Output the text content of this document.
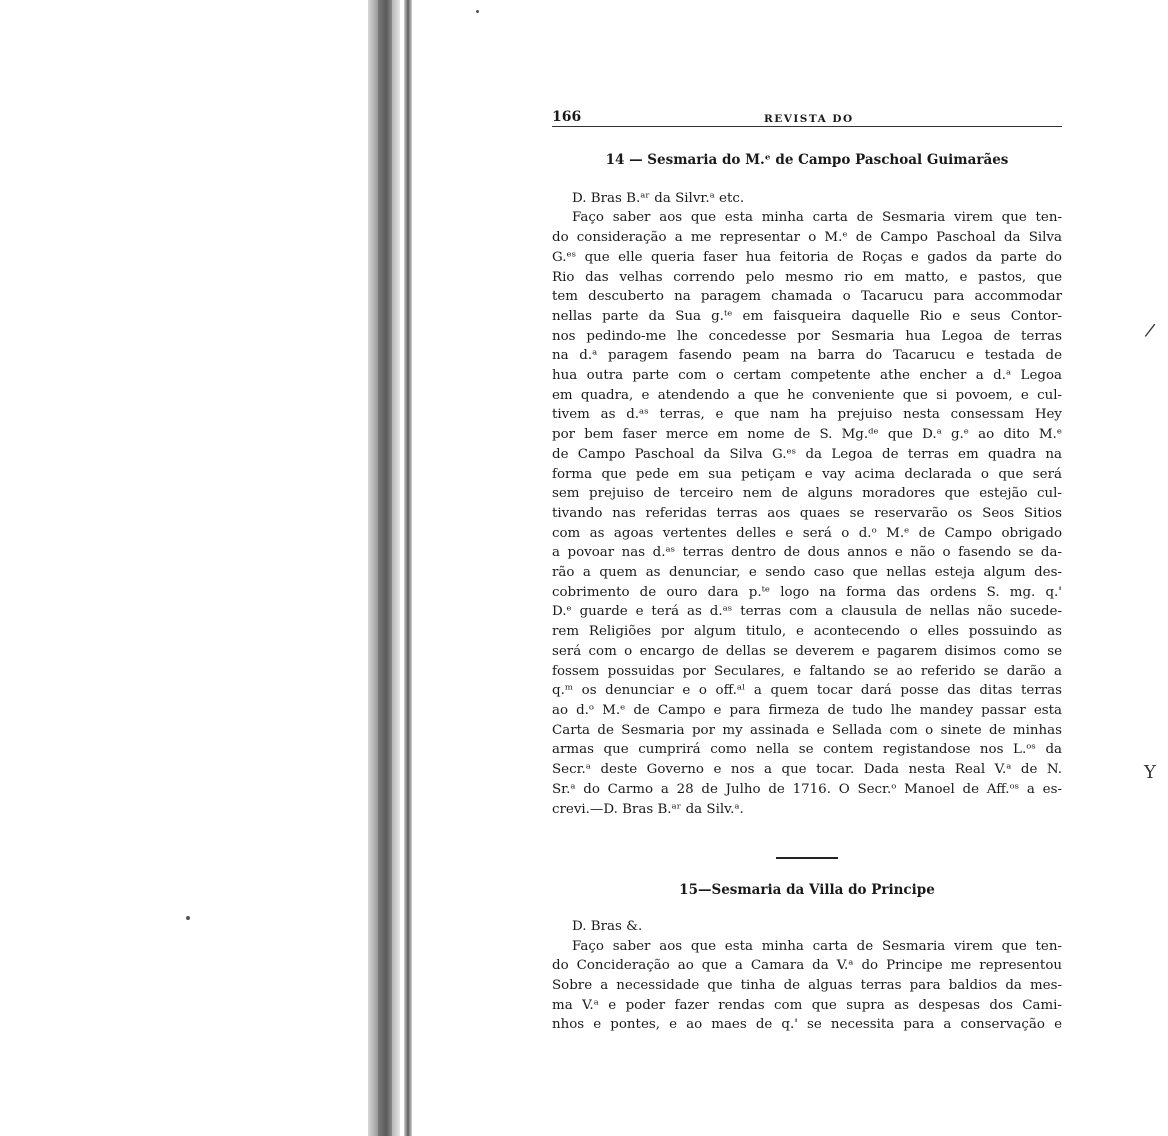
/
Y
166	REVISTA DO
14 — Sesmaria do M.ᵉ de Campo Paschoal Guimarães

D. Bras B.ᵃʳ da Silvr.ᵃ etc.

Faço saber aos que esta minha carta de Sesmaria virem que ten-

do consideração a me representar o M.ᵉ de Campo Paschoal da Silva

G.ᵉˢ que elle queria faser hua feitoria de Roças e gados da parte do

Rio das velhas correndo pelo mesmo rio em matto, e pastos, que

tem descuberto na paragem chamada o Tacarucu para accommodar

nellas parte da Sua g.ᵗᵉ em faisqueira daquelle Rio e seus Contor-

nos pedindo-me lhe concedesse por Sesmaria hua Legoa de terras

na d.ᵃ paragem fasendo peam na barra do Tacarucu e testada de

hua outra parte com o certam competente athe encher a d.ᵃ Legoa

em quadra, e atendendo a que he conveniente que si povoem, e cul-

tivem as d.ᵃˢ terras, e que nam ha prejuiso nesta consessam Hey

por bem faser merce em nome de S. Mg.ᵈᵉ que D.ᵃ g.ᵉ ao dito M.ᵉ

de Campo Paschoal da Silva G.ᵉˢ da Legoa de terras em quadra na

forma que pede em sua petiçam e vay acima declarada o que será

sem prejuiso de terceiro nem de alguns moradores que estejão cul-

tivando nas referidas terras aos quaes se reservarão os Seos Sitios

com as agoas vertentes delles e será o d.ᵒ M.ᵉ de Campo obrigado

a povoar nas d.ᵃˢ terras dentro de dous annos e não o fasendo se da-

rão a quem as denunciar, e sendo caso que nellas esteja algum des-

cobrimento de ouro dara p.ᵗᵉ logo na forma das ordens S. mg. q.'

D.ᵉ guarde e terá as d.ᵃˢ terras com a clausula de nellas não sucede-

rem Religiões por algum titulo, e acontecendo o elles possuindo as

será com o encargo de dellas se deverem e pagarem disimos como se

fossem possuidas por Seculares, e faltando se ao referido se darão a

q.ᵐ os denunciar e o off.ᵃˡ a quem tocar dará posse das ditas terras

ao d.ᵒ M.ᵉ de Campo e para firmeza de tudo lhe mandey passar esta

Carta de Sesmaria por my assinada e Sellada com o sinete de minhas

armas que cumprirá como nella se contem registandose nos L.ᵒˢ da

Secr.ᵃ deste Governo e nos a que tocar. Dada nesta Real V.ᵃ de N.

Sr.ᵃ do Carmo a 28 de Julho de 1716. O Secr.ᵒ Manoel de Aff.ᵒˢ a es-

crevi.—D. Bras B.ᵃʳ da Silv.ᵃ.

15—Sesmaria da Villa do Principe

D. Bras &.

Faço saber aos que esta minha carta de Sesmaria virem que ten-

do Concideração ao que a Camara da V.ᵃ do Principe me representou

Sobre a necessidade que tinha de alguas terras para baldios da mes-

ma V.ᵃ e poder fazer rendas com que supra as despesas dos Cami-

nhos e pontes, e ao maes de q.' se necessita para a conservação e
